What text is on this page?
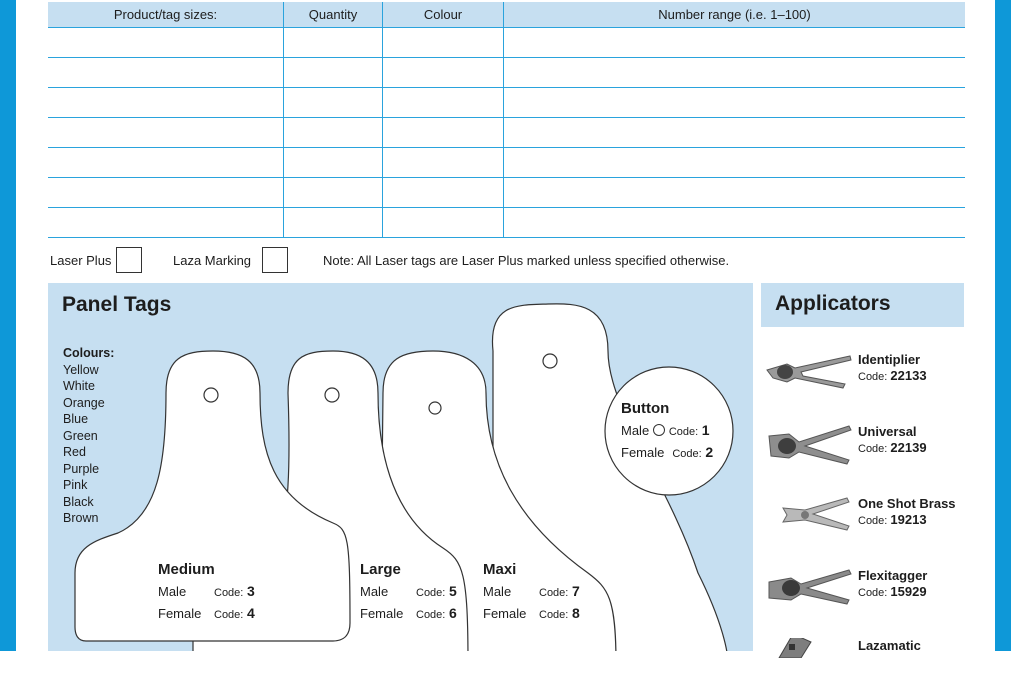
Product/tag sizes:	Quantity	Colour	Number range (i.e. 1–100)
Laser Plus	Laza Marking	Note: All Laser tags are Laser Plus marked unless specified otherwise.
Panel Tags
Colours:
Yellow
White
Orange
Blue
Green
Red
Purple
Pink
Black
Brown
Medium
Male	Code: 3
Female Code: 4
Large
Male	Code: 5
Female Code: 6
Maxi
Male	Code: 7
Female Code: 8
Button
Male Code: 1
Female Code: 2
Applicators
Identiplier
Code: 22133
Universal
Code: 22139
One Shot Brass
Code: 19213
Flexitagger
Code: 15929
Lazamatic
